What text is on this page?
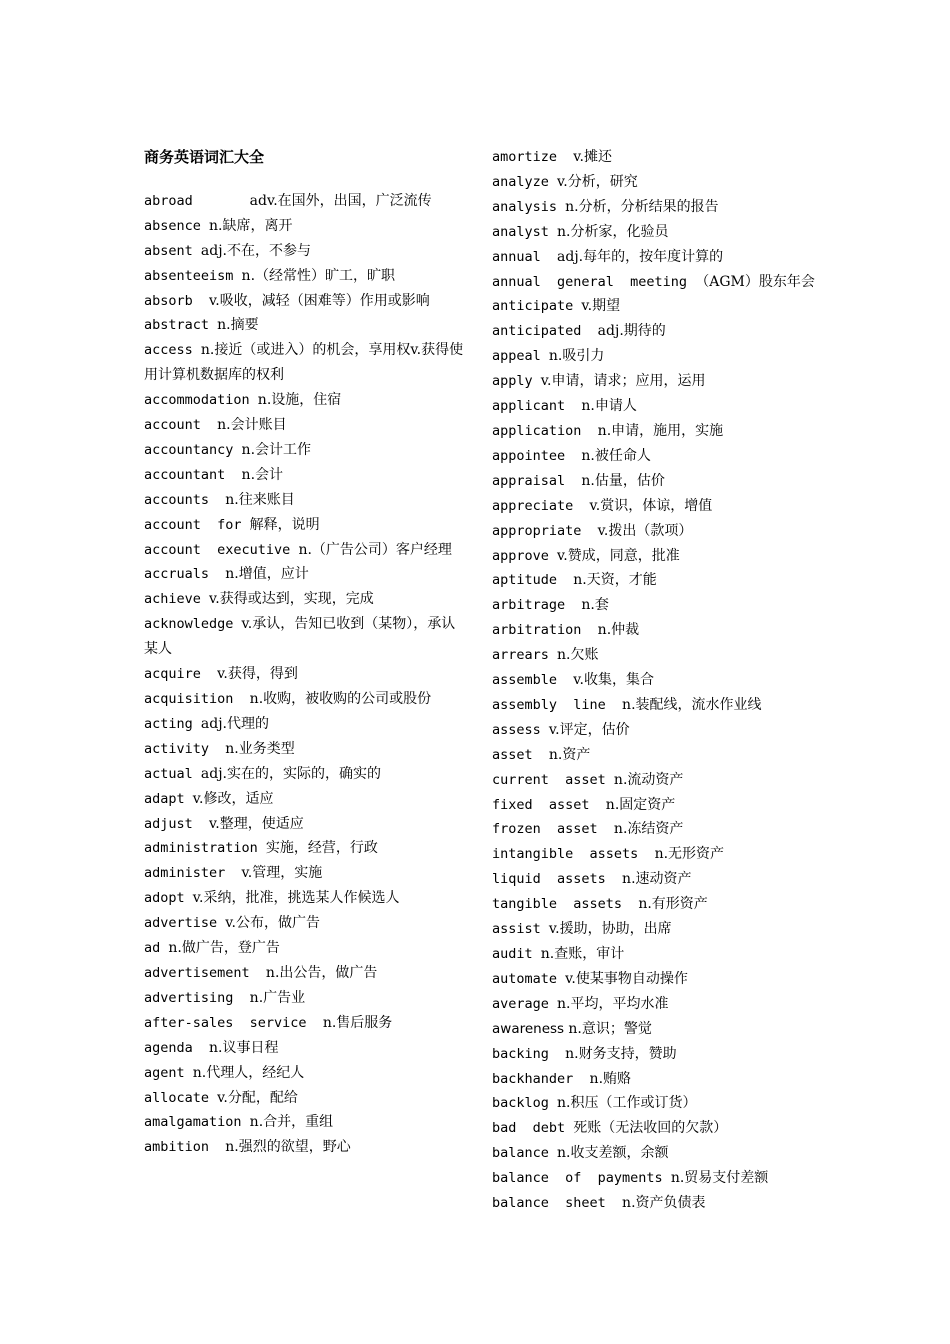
商务英语词汇大全
abroad       adv.在国外，出国，广泛流传
absence n.缺席，离开
absent adj.不在，不参与
absenteeism n.（经常性）旷工，旷职
absorb  v.吸收，减轻（困难等）作用或影响
abstract n.摘要
access n.接近（或进入）的机会，享用权v.获得使用计算机数据库的权利
accommodation n.设施，住宿
account  n.会计账目
accountancy n.会计工作
accountant  n.会计
accounts  n.往来账目
account  for 解释，说明
account  executive n.（广告公司）客户经理
accruals  n.增值，应计
achieve v.获得或达到，实现，完成
acknowledge v.承认，告知已收到（某物），承认某人
acquire  v.获得，得到
acquisition  n.收购，被收购的公司或股份
acting adj.代理的
activity  n.业务类型
actual adj.实在的，实际的，确实的
adapt v.修改，适应
adjust  v.整理，使适应
administration 实施，经营，行政
administer  v.管理，实施
adopt v.采纳，批准，挑选某人作候选人
advertise v.公布，做广告
ad n.做广告，登广告
advertisement  n.出公告，做广告
advertising  n.广告业
after-sales  service  n.售后服务
agenda  n.议事日程
agent n.代理人，经纪人
allocate v.分配，配给
amalgamation n.合并，重组
ambition  n.强烈的欲望，野心
amortize  v.摊还
analyze v.分析，研究
analysis n.分析，分析结果的报告
analyst n.分析家，化验员
annual  adj.每年的，按年度计算的
annual  general  meeting （AGM）股东年会
anticipate v.期望
anticipated  adj.期待的
appeal n.吸引力
apply v.申请，请求；应用，运用
applicant  n.申请人
application  n.申请，施用，实施
appointee  n.被任命人
appraisal  n.估量，估价
appreciate  v.赏识，体谅，增值
appropriate  v.拨出（款项）
approve v.赞成，同意，批准
aptitude  n.天资，才能
arbitrage  n.套
arbitration  n.仲裁
arrears n.欠账
assemble  v.收集，集合
assembly  line  n.装配线，流水作业线
assess v.评定，估价
asset  n.资产
current  asset n.流动资产
fixed  asset  n.固定资产
frozen  asset  n.冻结资产
intangible  assets  n.无形资产
liquid  assets  n.速动资产
tangible  assets  n.有形资产
assist v.援助，协助，出席
audit n.查账，审计
automate v.使某事物自动操作
average n.平均，平均水准
awareness n.意识；警觉
backing  n.财务支持，赞助
backhander  n.贿赂
backlog n.积压（工作或订货）
bad  debt 死账（无法收回的欠款）
balance n.收支差额，余额
balance  of  payments n.贸易支付差额
balance  sheet  n.资产负债表
